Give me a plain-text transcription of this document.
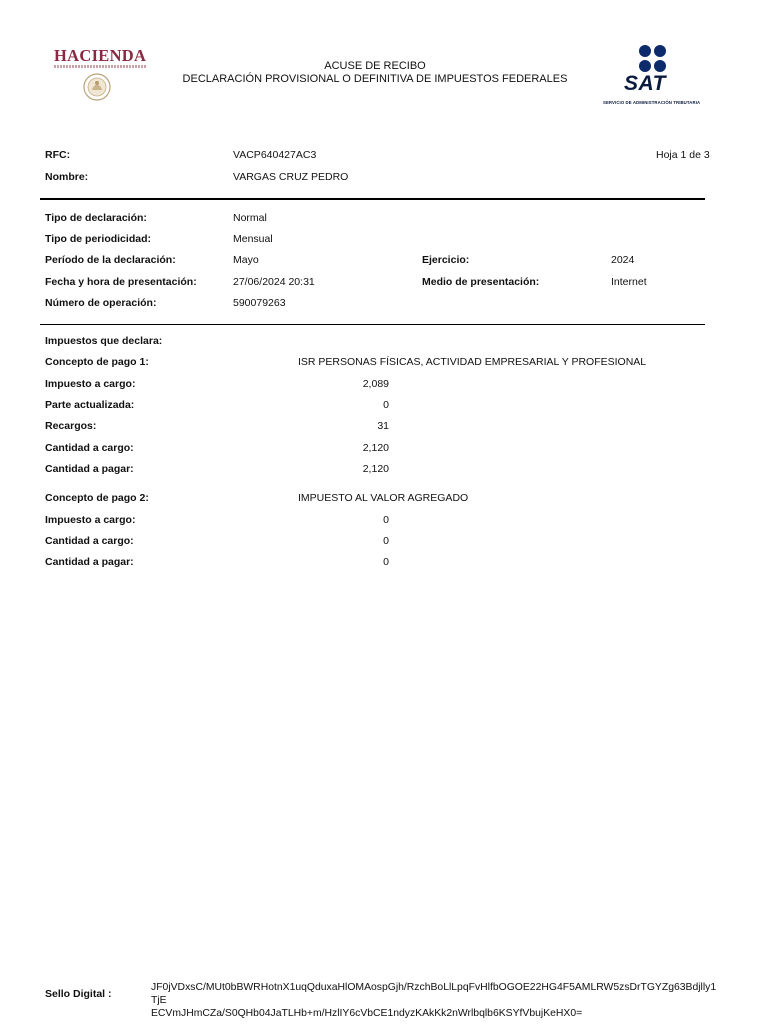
HACIENDA
ACUSE DE RECIBO
DECLARACIÓN PROVISIONAL O DEFINITIVA DE IMPUESTOS FEDERALES	SAT
SERVICIO DE ADMINISTRACIÓN TRIBUTARIA
RFC:	VACP640427AC3	Hoja 1 de 3
Nombre:	VARGAS CRUZ PEDRO
Tipo de declaración:	Normal
Tipo de periodicidad:	Mensual
Período de la declaración:	Mayo	Ejercicio:	2024
Fecha y hora de presentación:	27/06/2024 20:31	Medio de presentación:	Internet
Número de operación:	590079263
Impuestos que declara:
Concepto de pago 1:	ISR PERSONAS FÍSICAS, ACTIVIDAD EMPRESARIAL Y PROFESIONAL
Impuesto a cargo:	2,089
Parte actualizada:	0
Recargos:	31
Cantidad a cargo:	2,120
Cantidad a pagar:	2,120
Concepto de pago 2:	IMPUESTO AL VALOR AGREGADO
Impuesto a cargo:	0
Cantidad a cargo:	0
Cantidad a pagar:	0
Sello Digital :
JF0jVDxsC/MUt0bBWRHotnX1uqQduxaHlOMAospGjh/RzchBoLlLpqFvHlfbOGOE22HG4F5AMLRW5zsDrTGYZg63Bdjlly1TjE
ECVmJHmCZa/S0QHb04JaTLHb+m/HzlIY6cVbCE1ndyzKAkKk2nWrlbqlb6KSYfVbujKeHX0=
